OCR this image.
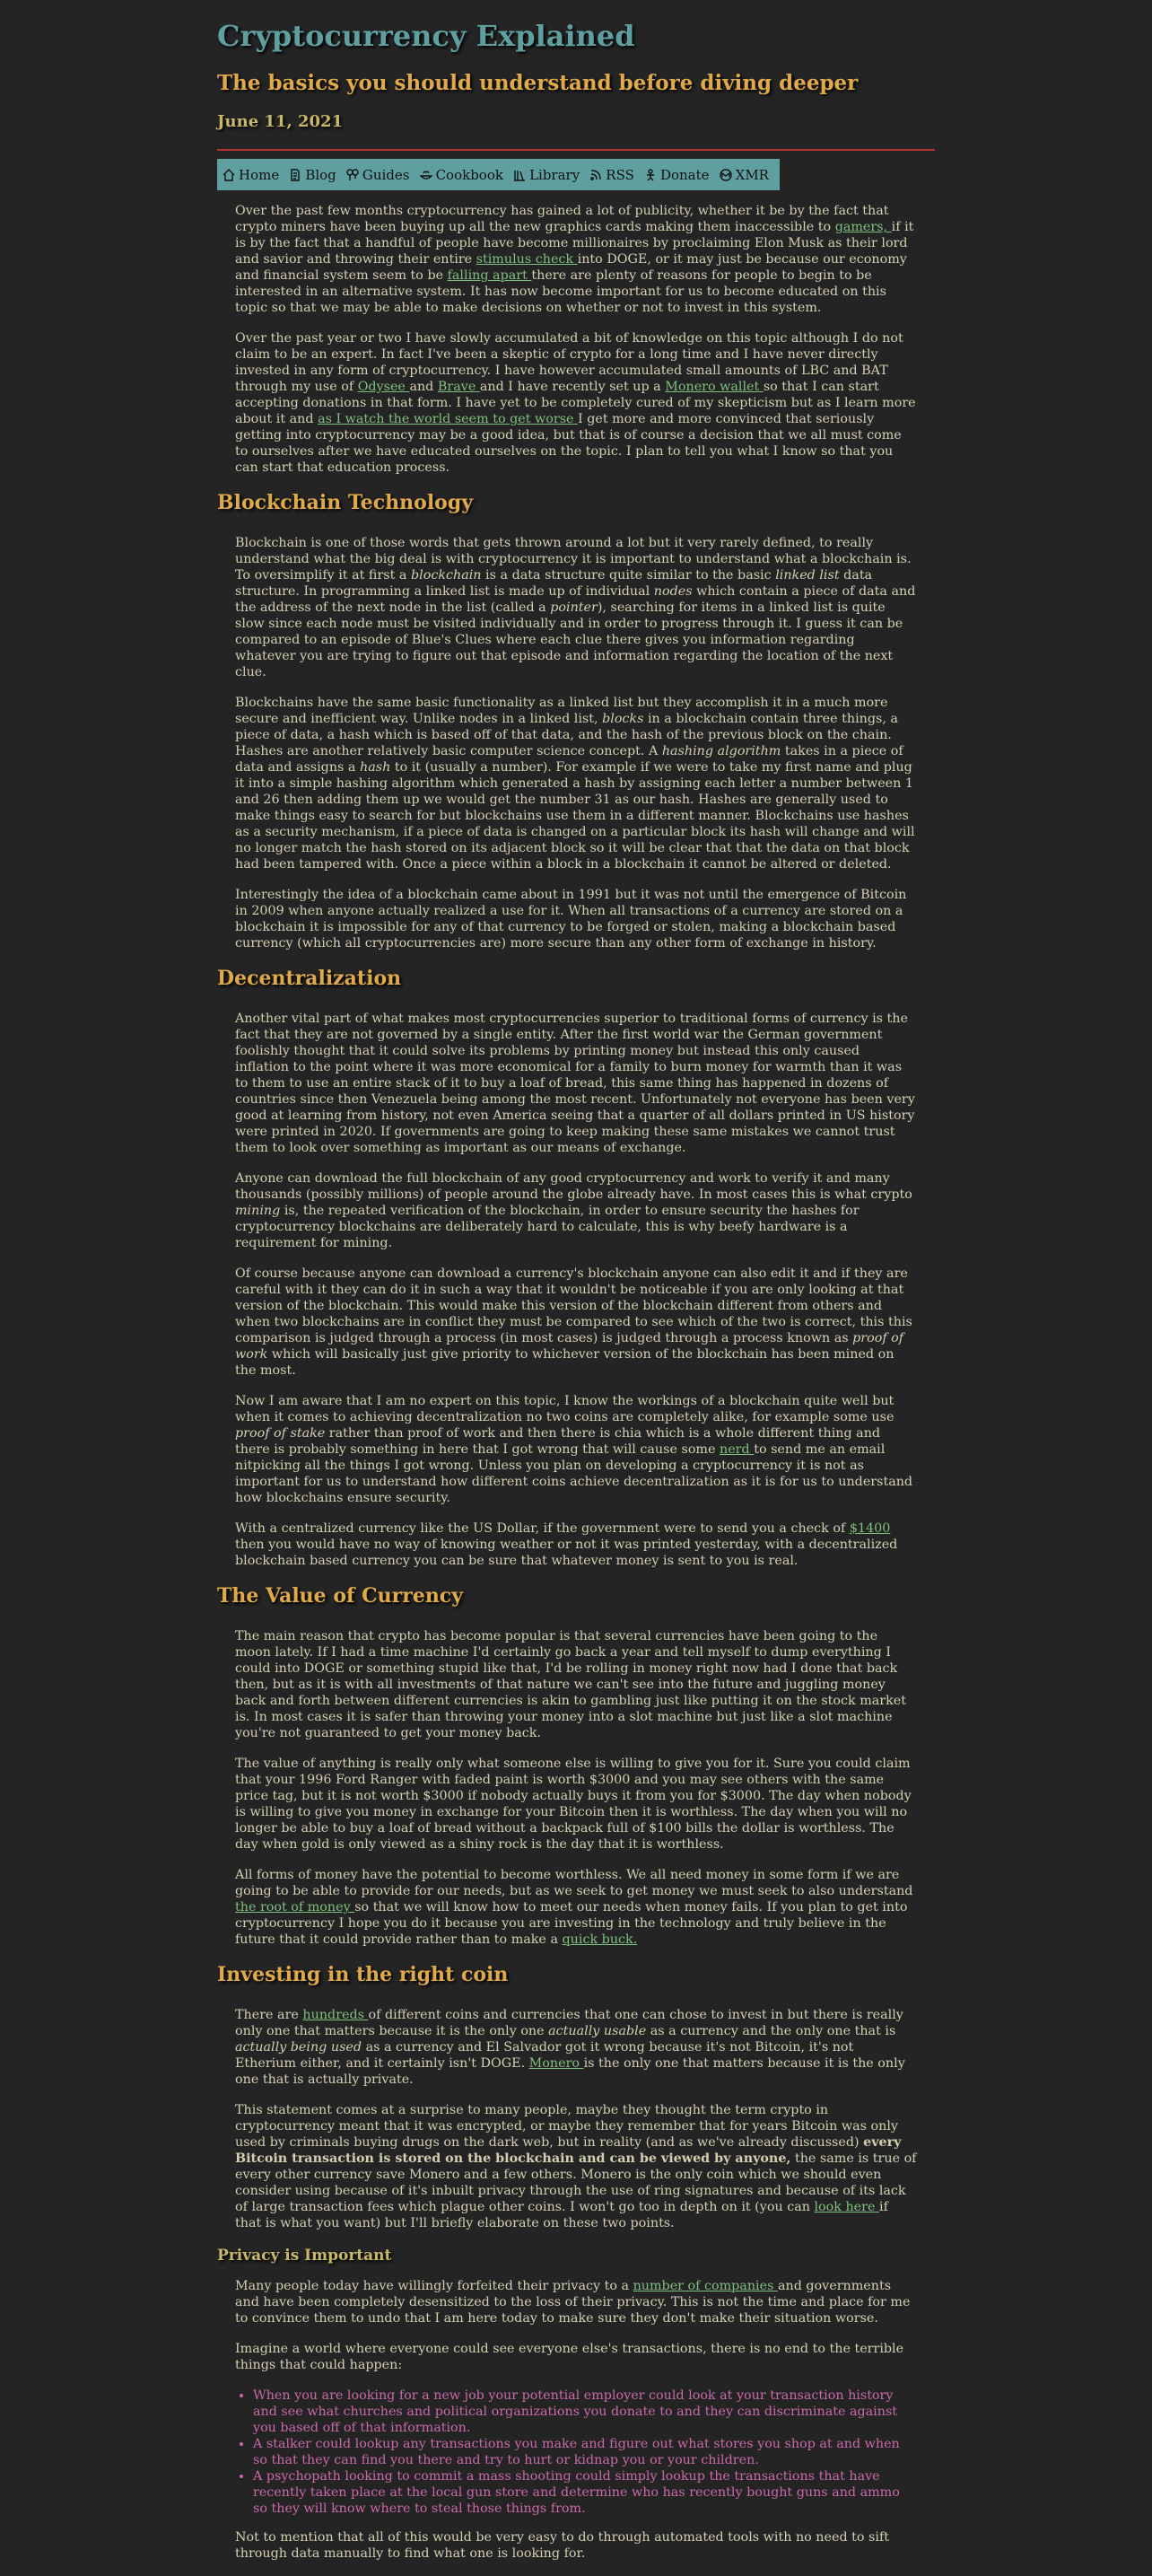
Cryptocurrency Explained
The basics you should understand before diving deeper
June 11, 2021
Home
Blog
Guides
Cookbook
Library
RSS
Donate
XMR

Over the past few months cryptocurrency has gained a lot of publicity, whether it be by the fact that crypto miners have been buying up all the new graphics cards making them inaccessible to gamers, if it is by the fact that a handful of people have become millionaires by proclaiming Elon Musk as their lord and savior and throwing their entire stimulus check into DOGE, or it may just be because our economy and financial system seem to be falling apart there are plenty of reasons for people to begin to be interested in an alternative system. It has now become important for us to become educated on this topic so that we may be able to make decisions on whether or not to invest in this system.

Over the past year or two I have slowly accumulated a bit of knowledge on this topic although I do not claim to be an expert. In fact I've been a skeptic of crypto for a long time and I have never directly invested in any form of cryptocurrency. I have however accumulated small amounts of LBC and BAT through my use of Odysee and Brave and I have recently set up a Monero wallet so that I can start accepting donations in that form. I have yet to be completely cured of my skepticism but as I learn more about it and as I watch the world seem to get worse I get more and more convinced that seriously getting into cryptocurrency may be a good idea, but that is of course a decision that we all must come to ourselves after we have educated ourselves on the topic. I plan to tell you what I know so that you can start that education process.

Blockchain Technology

Blockchain is one of those words that gets thrown around a lot but it very rarely defined, to really understand what the big deal is with cryptocurrency it is important to understand what a blockchain is. To oversimplify it at first a blockchain is a data structure quite similar to the basic linked list data structure. In programming a linked list is made up of individual nodes which contain a piece of data and the address of the next node in the list (called a pointer), searching for items in a linked list is quite slow since each node must be visited individually and in order to progress through it. I guess it can be compared to an episode of Blue's Clues where each clue there gives you information regarding whatever you are trying to figure out that episode and information regarding the location of the next clue.

Blockchains have the same basic functionality as a linked list but they accomplish it in a much more secure and inefficient way. Unlike nodes in a linked list, blocks in a blockchain contain three things, a piece of data, a hash which is based off of that data, and the hash of the previous block on the chain. Hashes are another relatively basic computer science concept. A hashing algorithm takes in a piece of data and assigns a hash to it (usually a number). For example if we were to take my first name and plug it into a simple hashing algorithm which generated a hash by assigning each letter a number between 1 and 26 then adding them up we would get the number 31 as our hash. Hashes are generally used to make things easy to search for but blockchains use them in a different manner. Blockchains use hashes as a security mechanism, if a piece of data is changed on a particular block its hash will change and will no longer match the hash stored on its adjacent block so it will be clear that that the data on that block had been tampered with. Once a piece within a block in a blockchain it cannot be altered or deleted.

Interestingly the idea of a blockchain came about in 1991 but it was not until the emergence of Bitcoin in 2009 when anyone actually realized a use for it. When all transactions of a currency are stored on a blockchain it is impossible for any of that currency to be forged or stolen, making a blockchain based currency (which all cryptocurrencies are) more secure than any other form of exchange in history.

Decentralization

Another vital part of what makes most cryptocurrencies superior to traditional forms of currency is the fact that they are not governed by a single entity. After the first world war the German government foolishly thought that it could solve its problems by printing money but instead this only caused inflation to the point where it was more economical for a family to burn money for warmth than it was to them to use an entire stack of it to buy a loaf of bread, this same thing has happened in dozens of countries since then Venezuela being among the most recent. Unfortunately not everyone has been very good at learning from history, not even America seeing that a quarter of all dollars printed in US history were printed in 2020. If governments are going to keep making these same mistakes we cannot trust them to look over something as important as our means of exchange.

Anyone can download the full blockchain of any good cryptocurrency and work to verify it and many thousands (possibly millions) of people around the globe already have. In most cases this is what crypto mining is, the repeated verification of the blockchain, in order to ensure security the hashes for cryptocurrency blockchains are deliberately hard to calculate, this is why beefy hardware is a requirement for mining.

Of course because anyone can download a currency's blockchain anyone can also edit it and if they are careful with it they can do it in such a way that it wouldn't be noticeable if you are only looking at that version of the blockchain. This would make this version of the blockchain different from others and when two blockchains are in conflict they must be compared to see which of the two is correct, this this comparison is judged through a process (in most cases) is judged through a process known as proof of work which will basically just give priority to whichever version of the blockchain has been mined on the most.

Now I am aware that I am no expert on this topic, I know the workings of a blockchain quite well but when it comes to achieving decentralization no two coins are completely alike, for example some use proof of stake rather than proof of work and then there is chia which is a whole different thing and there is probably something in here that I got wrong that will cause some nerd to send me an email nitpicking all the things I got wrong. Unless you plan on developing a cryptocurrency it is not as important for us to understand how different coins achieve decentralization as it is for us to understand how blockchains ensure security.

With a centralized currency like the US Dollar, if the government were to send you a check of $1400 then you would have no way of knowing weather or not it was printed yesterday, with a decentralized blockchain based currency you can be sure that whatever money is sent to you is real.

The Value of Currency

The main reason that crypto has become popular is that several currencies have been going to the moon lately. If I had a time machine I'd certainly go back a year and tell myself to dump everything I could into DOGE or something stupid like that, I'd be rolling in money right now had I done that back then, but as it is with all investments of that nature we can't see into the future and juggling money back and forth between different currencies is akin to gambling just like putting it on the stock market is. In most cases it is safer than throwing your money into a slot machine but just like a slot machine you're not guaranteed to get your money back.

The value of anything is really only what someone else is willing to give you for it. Sure you could claim that your 1996 Ford Ranger with faded paint is worth $3000 and you may see others with the same price tag, but it is not worth $3000 if nobody actually buys it from you for $3000. The day when nobody is willing to give you money in exchange for your Bitcoin then it is worthless. The day when you will no longer be able to buy a loaf of bread without a backpack full of $100 bills the dollar is worthless. The day when gold is only viewed as a shiny rock is the day that it is worthless.

All forms of money have the potential to become worthless. We all need money in some form if we are going to be able to provide for our needs, but as we seek to get money we must seek to also understand the root of money so that we will know how to meet our needs when money fails. If you plan to get into cryptocurrency I hope you do it because you are investing in the technology and truly believe in the future that it could provide rather than to make a quick buck.

Investing in the right coin

There are hundreds of different coins and currencies that one can chose to invest in but there is really only one that matters because it is the only one actually usable as a currency and the only one that is actually being used as a currency and El Salvador got it wrong because it's not Bitcoin, it's not Etherium either, and it certainly isn't DOGE. Monero is the only one that matters because it is the only one that is actually private.

This statement comes at a surprise to many people, maybe they thought the term crypto in cryptocurrency meant that it was encrypted, or maybe they remember that for years Bitcoin was only used by criminals buying drugs on the dark web, but in reality (and as we've already discussed) every Bitcoin transaction is stored on the blockchain and can be viewed by anyone, the same is true of every other currency save Monero and a few others. Monero is the only coin which we should even consider using because of it's inbuilt privacy through the use of ring signatures and because of its lack of large transaction fees which plague other coins. I won't go too in depth on it (you can look here if that is what you want) but I'll briefly elaborate on these two points.

Privacy is Important

Many people today have willingly forfeited their privacy to a number of companies and governments and have been completely desensitized to the loss of their privacy. This is not the time and place for me to convince them to undo that I am here today to make sure they don't make their situation worse.

Imagine a world where everyone could see everyone else's transactions, there is no end to the terrible things that could happen:

• When you are looking for a new job your potential employer could look at your transaction history and see what churches and political organizations you donate to and they can discriminate against you based off of that information.
• A stalker could lookup any transactions you make and figure out what stores you shop at and when so that they can find you there and try to hurt or kidnap you or your children.
• A psychopath looking to commit a mass shooting could simply lookup the transactions that have recently taken place at the local gun store and determine who has recently bought guns and ammo so they will know where to steal those things from.

Not to mention that all of this would be very easy to do through automated tools with no need to sift through data manually to find what one is looking for.
